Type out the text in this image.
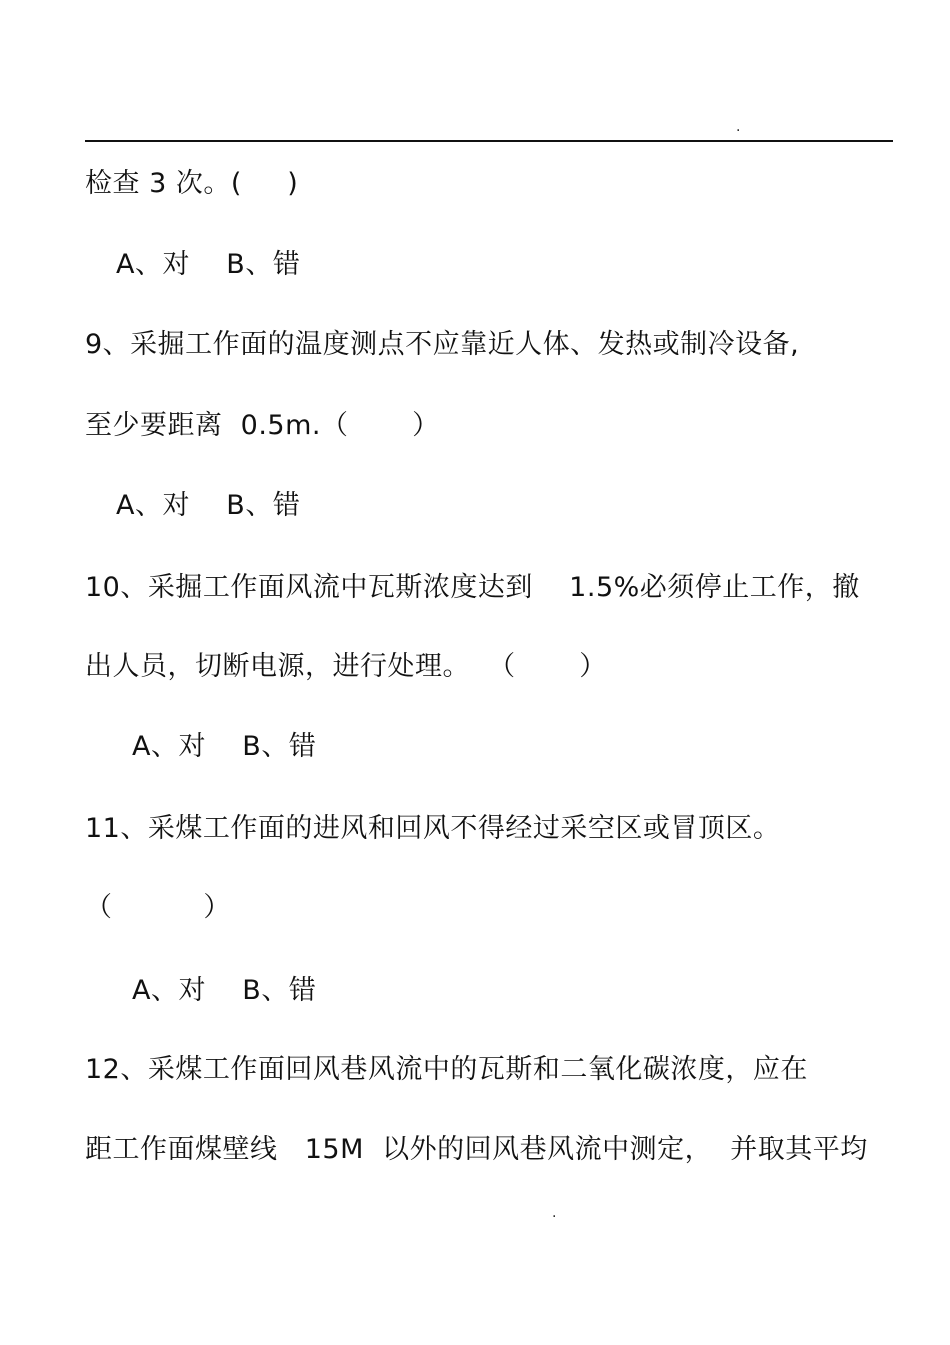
.
检查 3 次。(     )
A、对    B、错
9、采掘工作面的温度测点不应靠近人体、发热或制冷设备,
至少要距离  0.5m.（       ）
A、对    B、错
10、采掘工作面风流中瓦斯浓度达到    1.5%必须停止工作，撤
出人员，切断电源，进行处理。  （       ）
A、对    B、错
11、采煤工作面的进风和回风不得经过采空区或冒顶区。
（          ）
A、对    B、错
12、采煤工作面回风巷风流中的瓦斯和二氧化碳浓度，应在
距工作面煤壁线   15M  以外的回风巷风流中测定，  并取其平均
.
